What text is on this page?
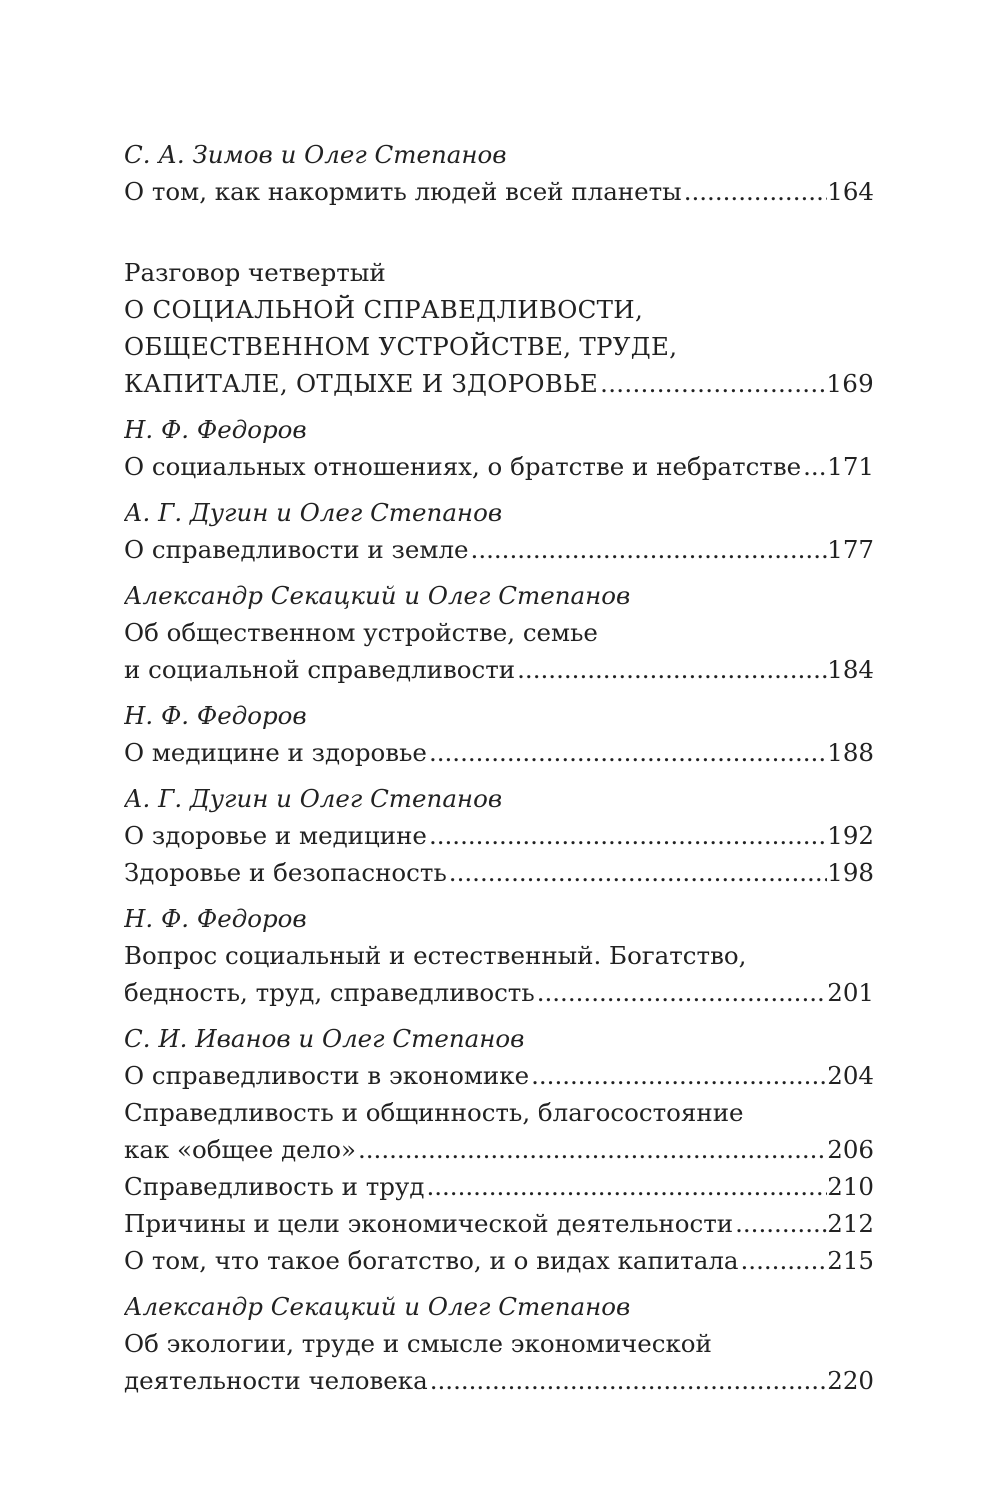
С. А. Зимов и Олег Степанов
О том, как накормить людей всей планеты .....	164
Разговор четвертый
О СОЦИАЛЬНОЙ СПРАВЕДЛИВОСТИ,
ОБЩЕСТВЕННОМ УСТРОЙСТВЕ, ТРУДЕ,
КАПИТАЛЕ, ОТДЫХЕ И ЗДОРОВЬЕ .....	169
Н. Ф. Федоров
О социальных отношениях, о братстве и небратстве ..... 171
А. Г. Дугин и Олег Степанов
О справедливости и земле .....	177
Александр Секацкий и Олег Степанов
Об общественном устройстве, семье
и социальной справедливости .....	184
Н. Ф. Федоров
О медицине и здоровье .....	188
А. Г. Дугин и Олег Степанов
О здоровье и медицине .....	192
Здоровье и безопасность .....	198
Н. Ф. Федоров
Вопрос социальный и естественный. Богатство,
бедность, труд, справедливость .....	201
С. И. Иванов и Олег Степанов
О справедливости в экономике .....	204
Справедливость и общинность, благосостояние
как «общее дело» .....	206
Справедливость и труд .....	210
Причины и цели экономической деятельности .....	212
О том, что такое богатство, и о видах капитала .....	215
Александр Секацкий и Олег Степанов
Об экологии, труде и смысле экономической
деятельности человека .....	220
